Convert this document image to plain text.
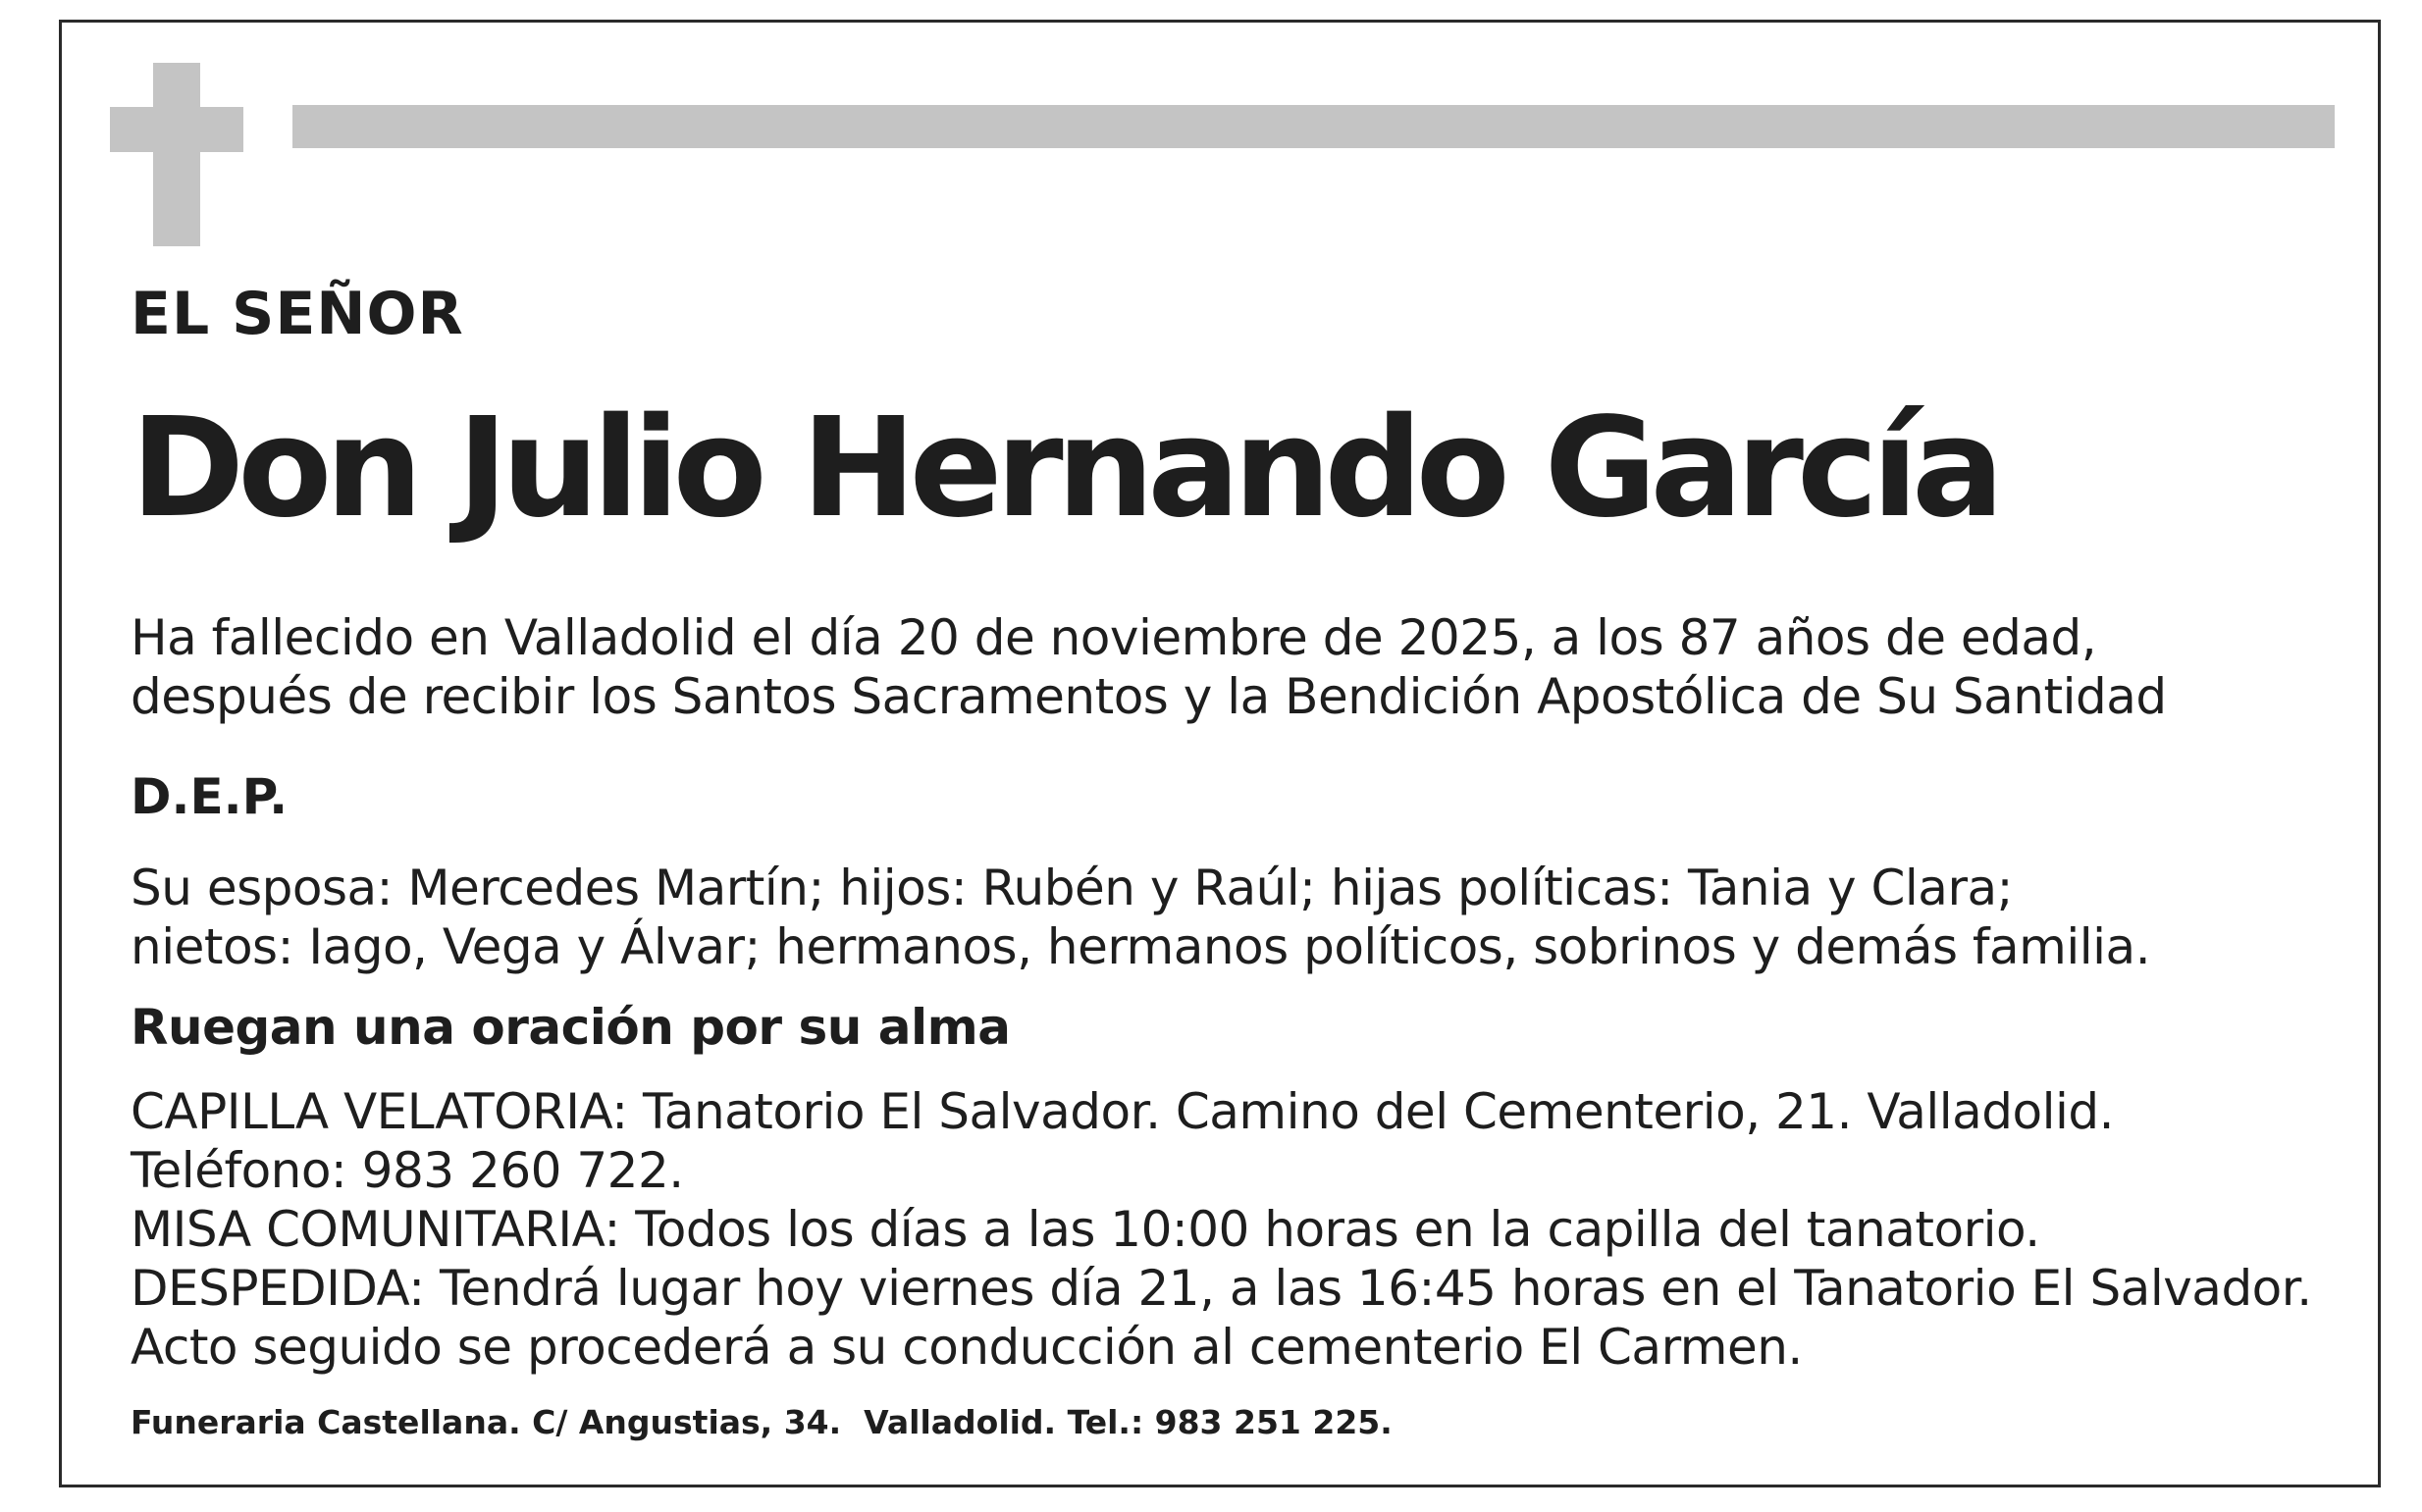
EL SEÑOR
Don Julio Hernando García
Ha fallecido en Valladolid el día 20 de noviembre de 2025, a los 87 años de edad,
después de recibir los Santos Sacramentos y la Bendición Apostólica de Su Santidad
D.E.P.
Su esposa: Mercedes Martín; hijos: Rubén y Raúl; hijas políticas: Tania y Clara;
nietos: Iago, Vega y Álvar; hermanos, hermanos políticos, sobrinos y demás familia.
Ruegan una oración por su alma
CAPILLA VELATORIA: Tanatorio El Salvador. Camino del Cementerio, 21. Valladolid.
Teléfono: 983 260 722.
MISA COMUNITARIA: Todos los días a las 10:00 horas en la capilla del tanatorio.
DESPEDIDA: Tendrá lugar hoy viernes día 21, a las 16:45 horas en el Tanatorio El Salvador.
Acto seguido se procederá a su conducción al cementerio El Carmen.
Funeraria Castellana. C/ Angustias, 34.  Valladolid. Tel.: 983 251 225.
